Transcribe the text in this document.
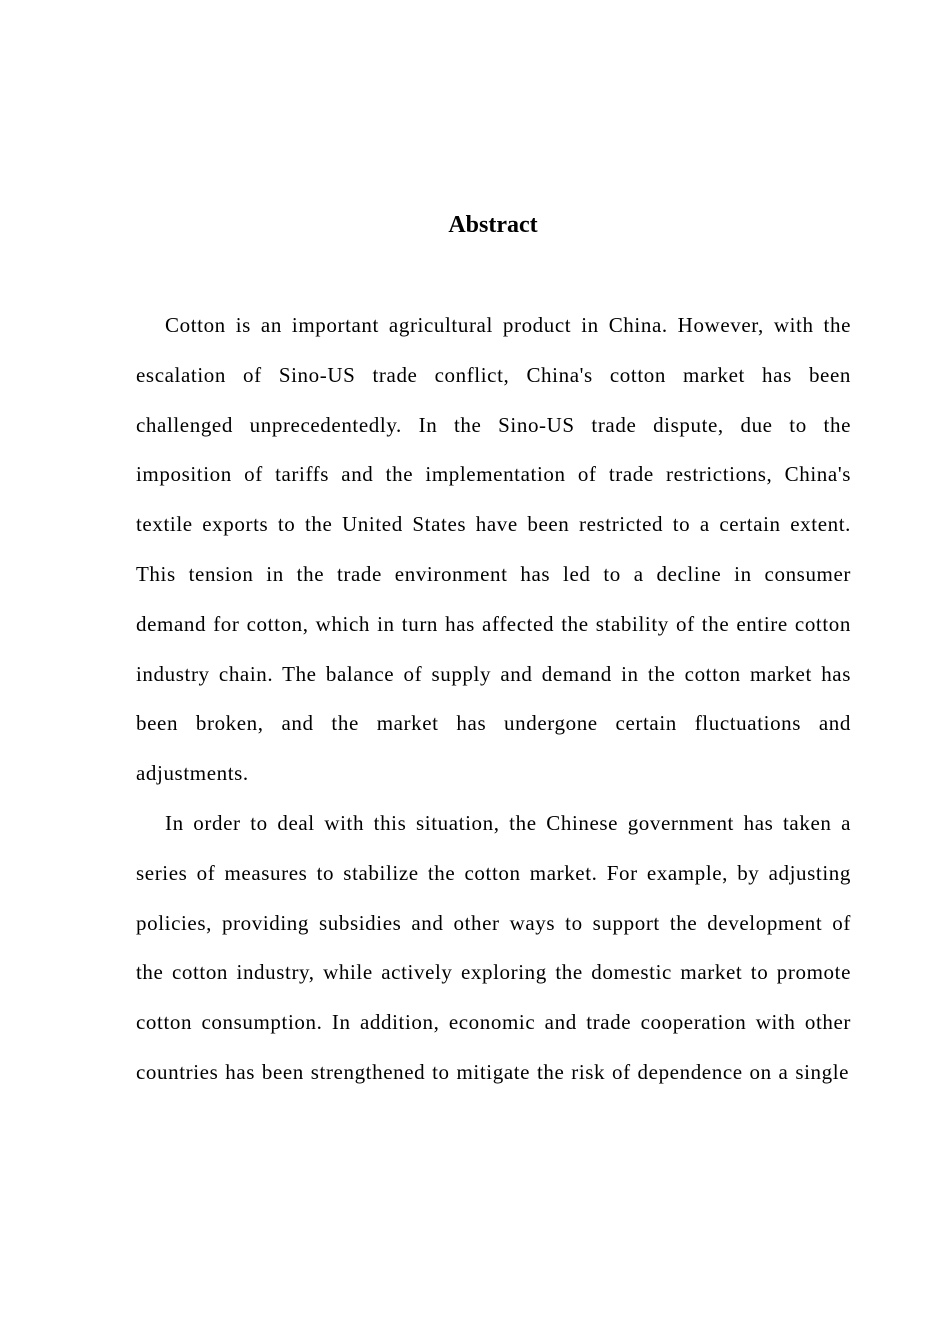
Abstract

Cotton is an important agricultural product in China. However, with the escalation of Sino-US trade conflict, China's cotton market has been challenged unprecedentedly. In the Sino-US trade dispute, due to the imposition of tariffs and the implementation of trade restrictions, China's textile exports to the United States have been restricted to a certain extent. This tension in the trade environment has led to a decline in consumer demand for cotton, which in turn has affected the stability of the entire cotton industry chain. The balance of supply and demand in the cotton market has been broken, and the market has undergone certain fluctuations and adjustments.

In order to deal with this situation, the Chinese government has taken a series of measures to stabilize the cotton market. For example, by adjusting policies, providing subsidies and other ways to support the development of the cotton industry, while actively exploring the domestic market to promote cotton consumption. In addition, economic and trade cooperation with other countries has been strengthened to mitigate the risk of dependence on a single
